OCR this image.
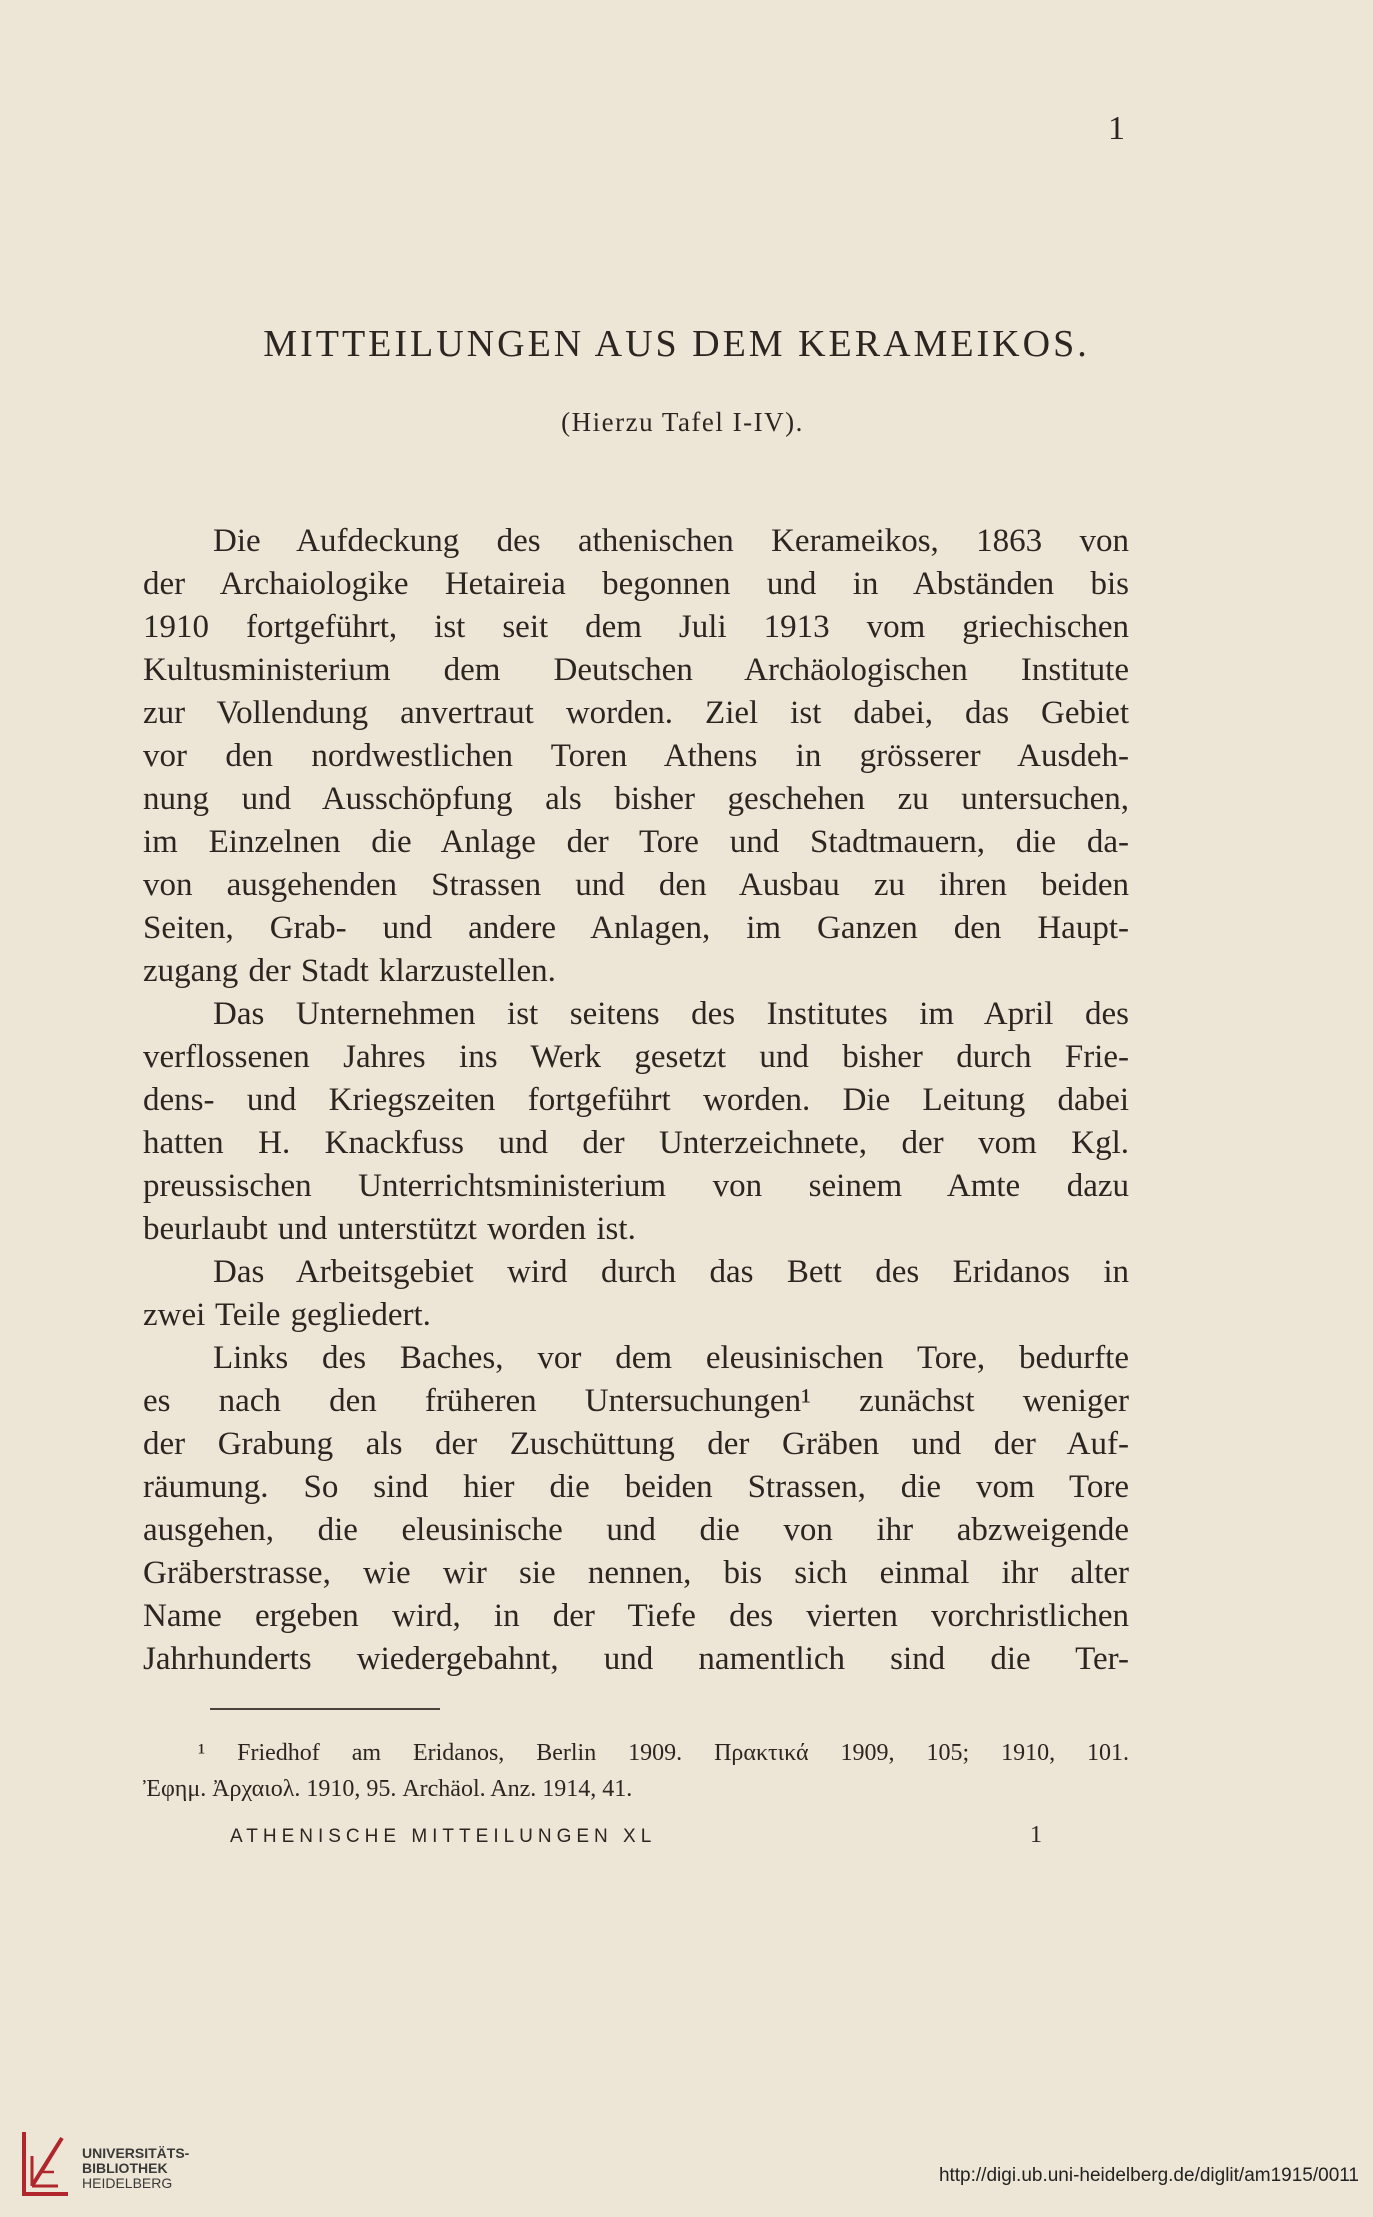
1
MITTEILUNGEN AUS DEM KERAMEIKOS.
(Hierzu Tafel I-IV).
Die Aufdeckung des athenischen Kerameikos, 1863 von
der Archaiologike Hetaireia begonnen und in Abständen bis
1910 fortgeführt, ist seit dem Juli 1913 vom griechischen
Kultusministerium dem Deutschen Archäologischen Institute
zur Vollendung anvertraut worden. Ziel ist dabei, das Gebiet
vor den nordwestlichen Toren Athens in grösserer Ausdeh-
nung und Ausschöpfung als bisher geschehen zu untersuchen,
im Einzelnen die Anlage der Tore und Stadtmauern, die da-
von ausgehenden Strassen und den Ausbau zu ihren beiden
Seiten, Grab- und andere Anlagen, im Ganzen den Haupt-
zugang der Stadt klarzustellen.
Das Unternehmen ist seitens des Institutes im April des
verflossenen Jahres ins Werk gesetzt und bisher durch Frie-
dens- und Kriegszeiten fortgeführt worden. Die Leitung dabei
hatten H. Knackfuss und der Unterzeichnete, der vom Kgl.
preussischen Unterrichtsministerium von seinem Amte dazu
beurlaubt und unterstützt worden ist.
Das Arbeitsgebiet wird durch das Bett des Eridanos in
zwei Teile gegliedert.
Links des Baches, vor dem eleusinischen Tore, bedurfte
es nach den früheren Untersuchungen¹ zunächst weniger
der Grabung als der Zuschüttung der Gräben und der Auf-
räumung. So sind hier die beiden Strassen, die vom Tore
ausgehen, die eleusinische und die von ihr abzweigende
Gräberstrasse, wie wir sie nennen, bis sich einmal ihr alter
Name ergeben wird, in der Tiefe des vierten vorchristlichen
Jahrhunderts wiedergebahnt, und namentlich sind die Ter-
¹ Friedhof am Eridanos, Berlin 1909. Πρακτικά 1909, 105; 1910, 101.
Ἐφημ. Ἀρχαιολ. 1910, 95. Archäol. Anz. 1914, 41.
ATHENISCHE MITTEILUNGEN XL	1
UNIVERSITÄTS-
BIBLIOTHEK
HEIDELBERG	http://digi.ub.uni-heidelberg.de/diglit/am1915/0011
